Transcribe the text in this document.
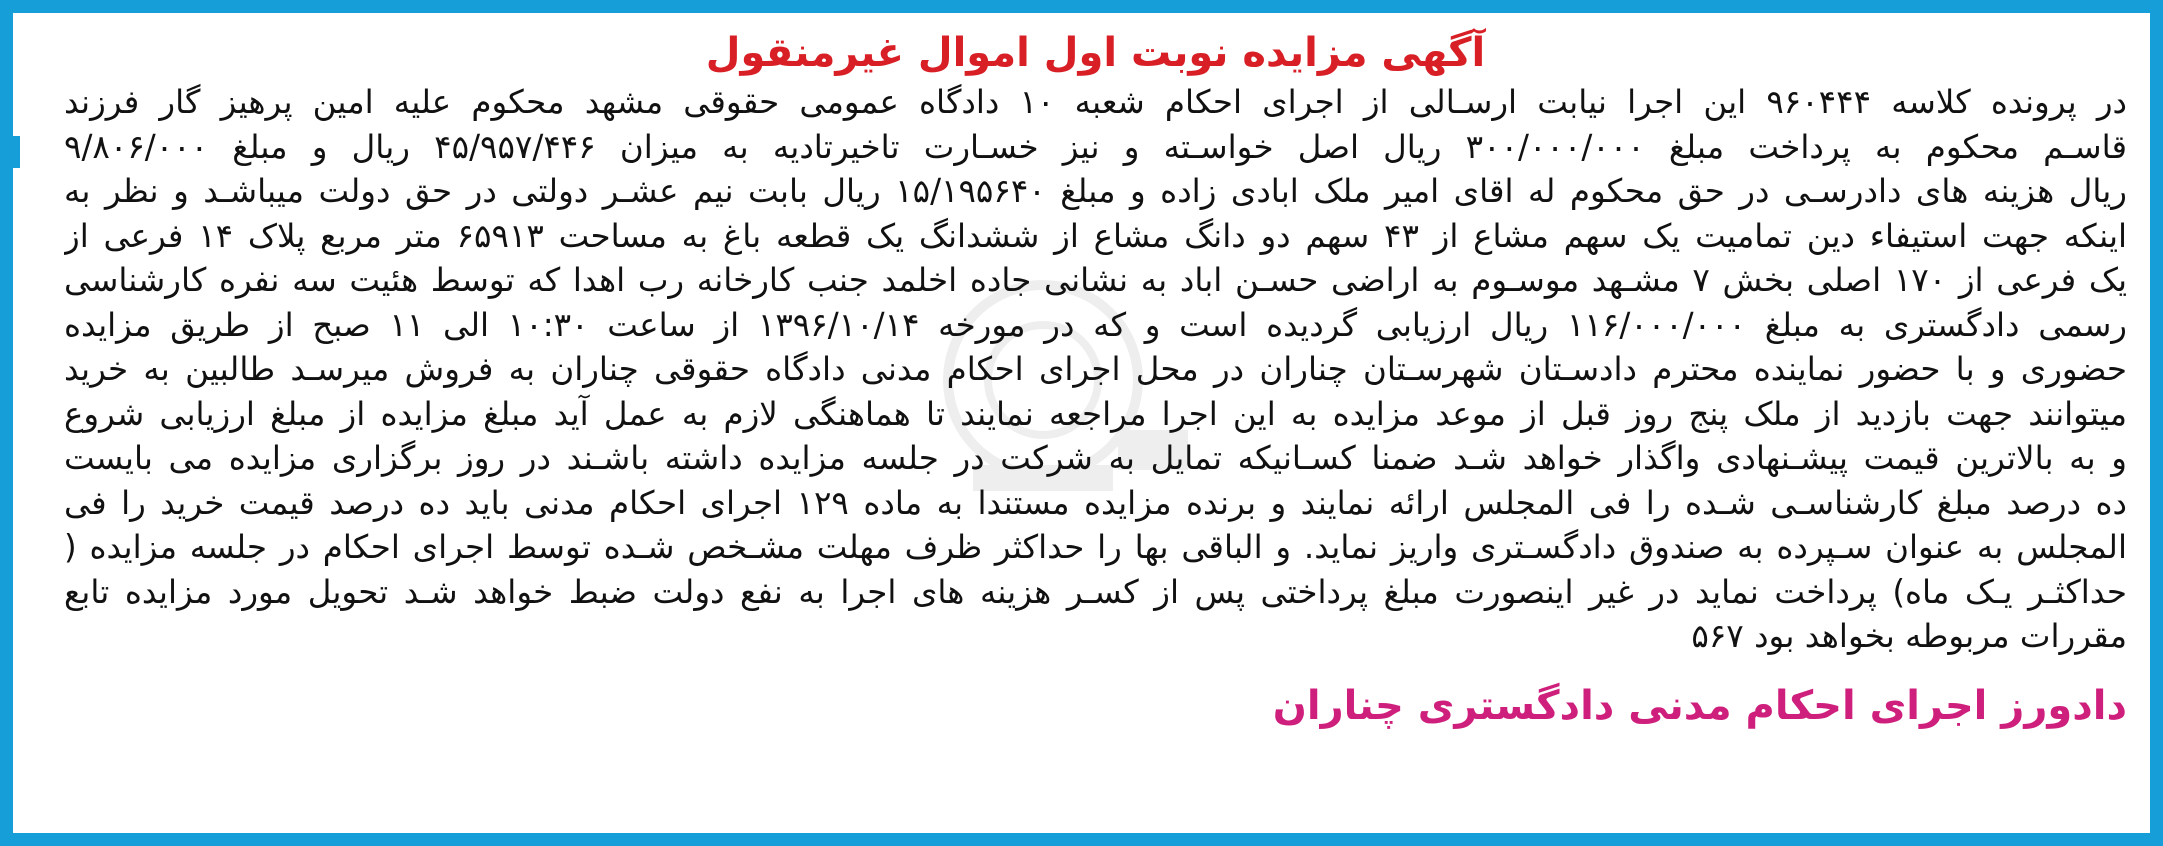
آگهی مزایده نوبت اول اموال غیرمنقول
در پرونده کلاسه ۹۶۰۴۴۴ این اجرا نیابت ارسـالی از اجرای احکام شعبه ۱۰ دادگاه عمومی حقوقی مشهد محکوم علیه امین پرهیز گار فرزند
قاسـم محکوم به پرداخت مبلغ ۳۰۰/۰۰۰/۰۰۰ ریال اصل خواسـته و نیز خسـارت تاخیرتادیه به میزان ۴۵/۹۵۷/۴۴۶ ریال و مبلغ ۹/۸۰۶/۰۰۰
ریال هزینه های دادرسـی در حق محکوم له اقای امیر ملک ابادی زاده و مبلغ ۱۵/۱۹۵۶۴۰ ریال بابت نیم عشـر دولتی در حق دولت میباشـد و نظر به
اینکه جهت استیفاء دین تمامیت یک سهم مشاع از ۴۳ سهم دو دانگ مشاع از ششدانگ یک قطعه باغ به مساحت ۶۵۹۱۳ متر مربع پلاک ۱۴ فرعی از
یک فرعی از ۱۷۰ اصلی بخش ۷ مشـهد موسـوم به اراضی حسـن اباد به نشانی جاده اخلمد جنب کارخانه رب اهدا که توسط هئیت سه نفره کارشناسی
رسمی دادگستری به مبلغ ۱۱۶/۰۰۰/۰۰۰ ریال ارزیابی گردیده است و که در مورخه ۱۳۹۶/۱۰/۱۴ از ساعت ۱۰:۳۰ الی ۱۱ صبح از طریق مزایده
حضوری و با حضور نماینده محترم دادسـتان شهرسـتان چناران در محل اجرای احکام مدنی دادگاه حقوقی چناران به فروش میرسـد طالبین به خرید
میتوانند جهت بازدید از ملک پنج روز قبل از موعد مزایده به این اجرا مراجعه نمایند تا هماهنگی لازم به عمل آید مبلغ مزایده از مبلغ ارزیابی شروع
و به بالاترین قیمت پیشـنهادی واگذار خواهد شـد ضمنا کسـانیکه تمایل به شرکت در جلسه مزایده داشته باشـند در روز برگزاری مزایده می بایست
ده درصد مبلغ کارشناسـی شـده را فی المجلس ارائه نمایند و برنده مزایده مستندا به ماده ۱۲۹ اجرای احکام مدنی باید ده درصد قیمت خرید را فی
المجلس به عنوان سـپرده به صندوق دادگسـتری واریز نماید. و الباقی بها را حداکثر ظرف مهلت مشـخص شـده توسط اجرای احکام در جلسه مزایده (
حداکثـر یـک ماه) پرداخت نماید در غیر اینصورت مبلغ پرداختی پس از کسـر هزینه های اجرا به نفع دولت ضبط خواهد شـد تحویل مورد مزایده تابع
مقررات مربوطه بخواهد بود ۵۶۷
دادورز اجرای احکام مدنی دادگستری چناران
